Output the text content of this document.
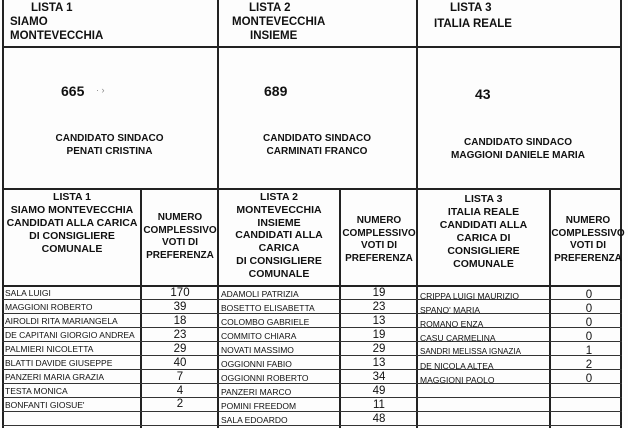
LISTA 1
SIAMO
MONTEVECCHIA
665 · ›
CANDIDATO SINDACO
PENATI CRISTINA
LISTA 2
MONTEVECCHIA
INSIEME
689
CANDIDATO SINDACO
CARMINATI FRANCO
LISTA 3
ITALIA REALE
43
CANDIDATO SINDACO
MAGGIONI DANIELE MARIA
LISTA 1
SIAMO MONTEVECCHIA
CANDIDATI ALLA CARICA
DI CONSIGLIERE
COMUNALE
NUMERO
COMPLESSIVO
VOTI DI
PREFERENZA
LISTA 2
MONTEVECCHIA
INSIEME
CANDIDATI ALLA
CARICA
DI CONSIGLIERE
COMUNALE
NUMERO
COMPLESSIVO
VOTI DI
PREFERENZA
LISTA 3
ITALIA REALE
CANDIDATI ALLA
CARICA DI
CONSIGLIERE
COMUNALE
NUMERO
COMPLESSIVO
VOTI DI
PREFERENZA
SALA LUIGI	170
MAGGIONI ROBERTO	39
AIROLDI RITA MARIANGELA	18
DE CAPITANI GIORGIO ANDREA	23
PALMIERI NICOLETTA	29
BLATTI DAVIDE GIUSEPPE	40
PANZERI MARIA GRAZIA	7
TESTA MONICA	4
BONFANTI GIOSUE'	2
ADAMOLI PATRIZIA	19
BOSETTO ELISABETTA	23
COLOMBO GABRIELE	13
COMMITO CHIARA	19
NOVATI MASSIMO	29
OGGIONNI FABIO	13
OGGIONNI ROBERTO	34
PANZERI MARCO	49
POMINI FREEDOM	11
SALA EDOARDO	48
CRIPPA LUIGI MAURIZIO	0
SPANO' MARIA	0
ROMANO ENZA	0
CASU CARMELINA	0
SANDRI MELISSA IGNAZIA	1
DE NICOLA ALTEA	2
MAGGIONI PAOLO	0
